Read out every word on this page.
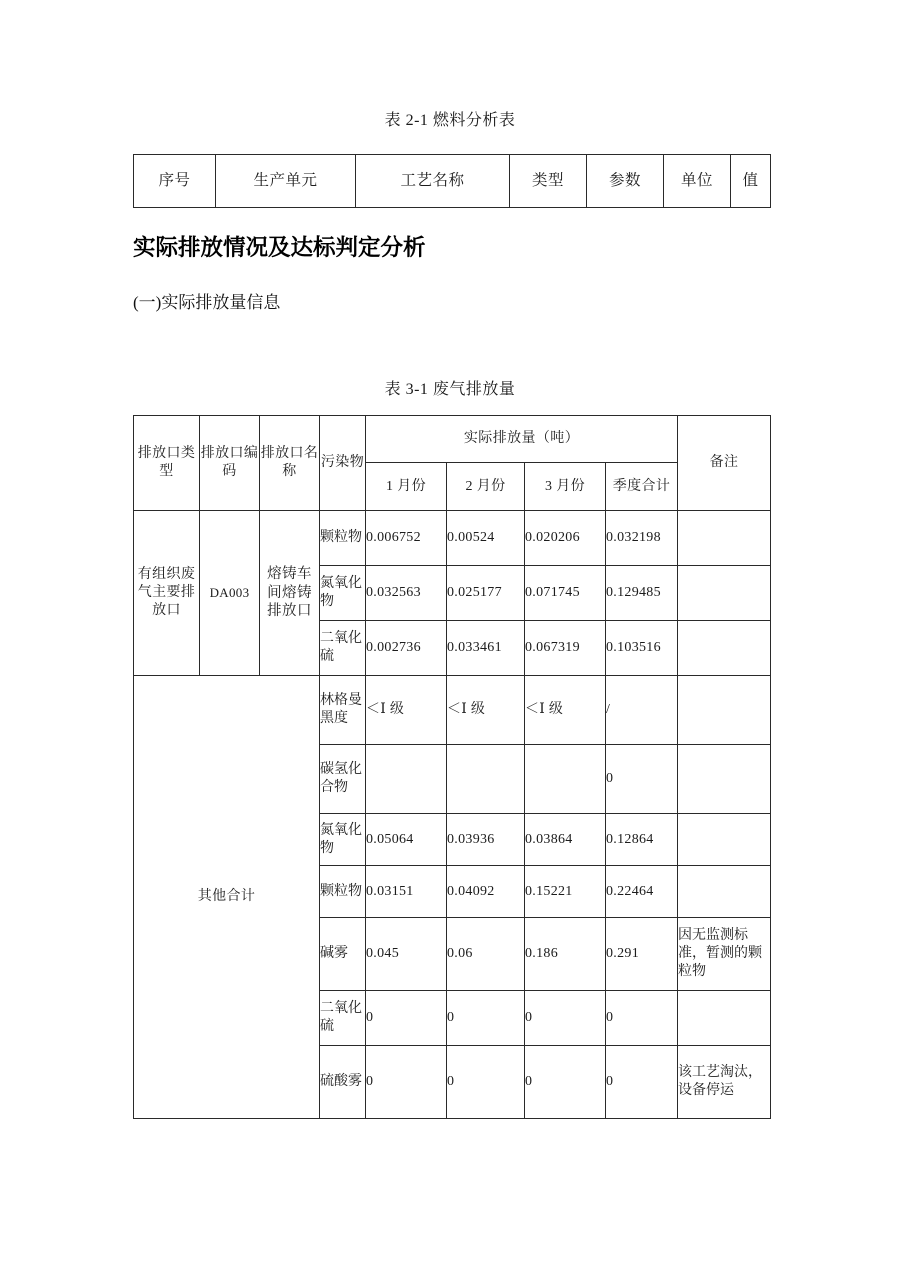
表 2-1 燃料分析表
序号	生产单元	工艺名称	类型	参数	单位	值
实际排放情况及达标判定分析
(一)实际排放量信息
表 3-1 废气排放量
排放口类型	排放口编码	排放口名称	污染物	实际排放量（吨）				备注
				1 月份	2 月份	3 月份	季度合计	
有组织废气主要排放口	DA003	熔铸车间熔铸排放口	颗粒物	0.006752	0.00524	0.020206	0.032198	
			氮氧化物	0.032563	0.025177	0.071745	0.129485	
			二氧化硫	0.002736	0.033461	0.067319	0.103516	
其他合计			林格曼黑度	＜Ⅰ 级	＜Ⅰ 级	＜Ⅰ 级	/	
			碳氢化合物				0	
			氮氧化物	0.05064	0.03936	0.03864	0.12864	
			颗粒物	0.03151	0.04092	0.15221	0.22464	
			碱雾	0.045	0.06	0.186	0.291	因无监测标准，暂测的颗粒物
			二氧化硫	0	0	0	0	
			硫酸雾	0	0	0	0	该工艺淘汰，设备停运
